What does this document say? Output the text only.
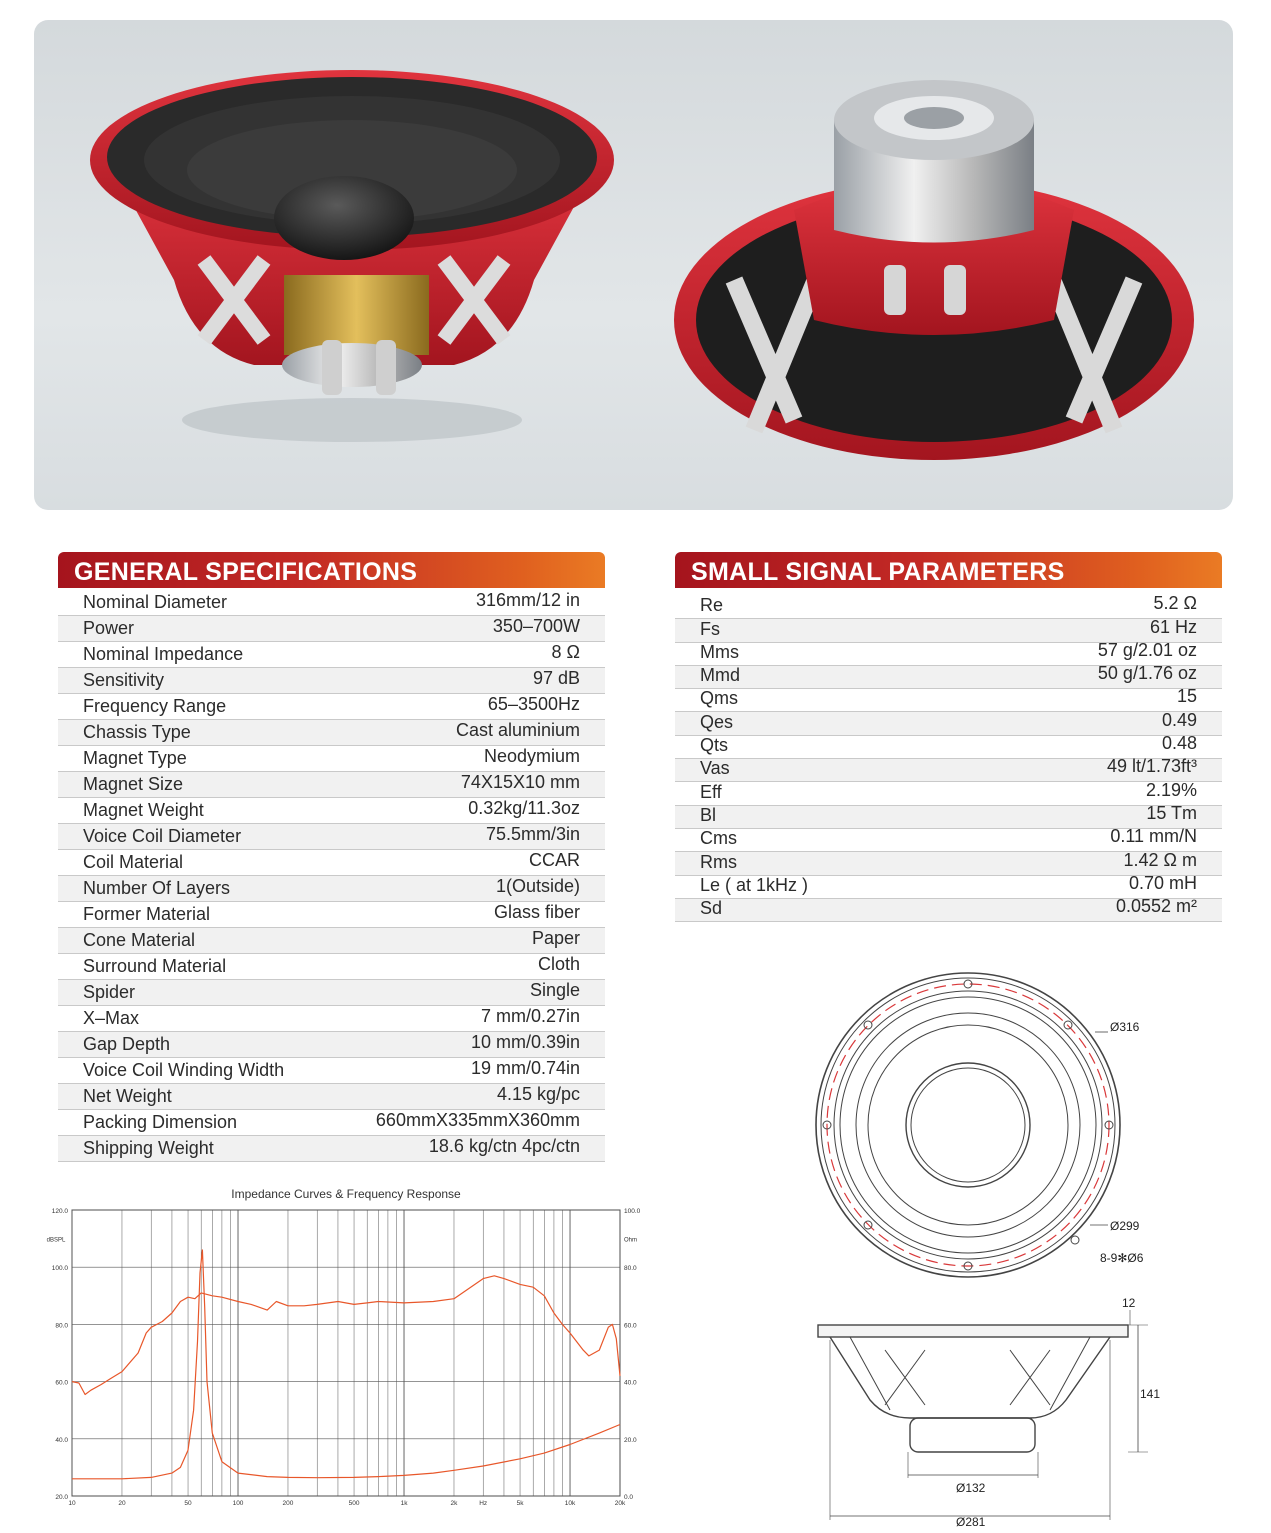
GENERAL SPECIFICATIONS
Nominal Diameter	316mm/12 in
Power	350–700W
Nominal Impedance	8 Ω
Sensitivity	97 dB
Frequency Range	65–3500Hz
Chassis Type	Cast aluminium
Magnet Type	Neodymium
Magnet Size	74X15X10 mm
Magnet Weight	0.32kg/11.3oz
Voice Coil Diameter	75.5mm/3in
Coil Material	CCAR
Number Of Layers	1(Outside)
Former Material	Glass fiber
Cone Material	Paper
Surround Material	Cloth
Spider	Single
X–Max	7 mm/0.27in
Gap Depth	10 mm/0.39in
Voice Coil Winding Width	19 mm/0.74in
Net Weight	4.15 kg/pc
Packing Dimension	660mmX335mmX360mm
Shipping Weight	18.6 kg/ctn 4pc/ctn
SMALL SIGNAL PARAMETERS
Re	5.2 Ω
Fs	61 Hz
Mms	57 g/2.01 oz
Mmd	50 g/1.76 oz
Qms	15
Qes	0.49
Qts	0.48
Vas	49 lt/1.73ft³
Eff	2.19%
Bl	15 Tm
Cms	0.11 mm/N
Rms	1.42 Ω m
Le ( at 1kHz )	0.70 mH
Sd	0.0552 m²
Impedance Curves & Frequency Response
120.0
100.0
80.0
60.0
40.0
20.0
100.0
80.0
60.0
40.0
20.0
0.0
dBSPL	Ohm
10	20	50	100	200	500	1k	2k	Hz	5k	10k	20k
Ø316
Ø299
8-9✻Ø6
12
141
Ø132
Ø281
